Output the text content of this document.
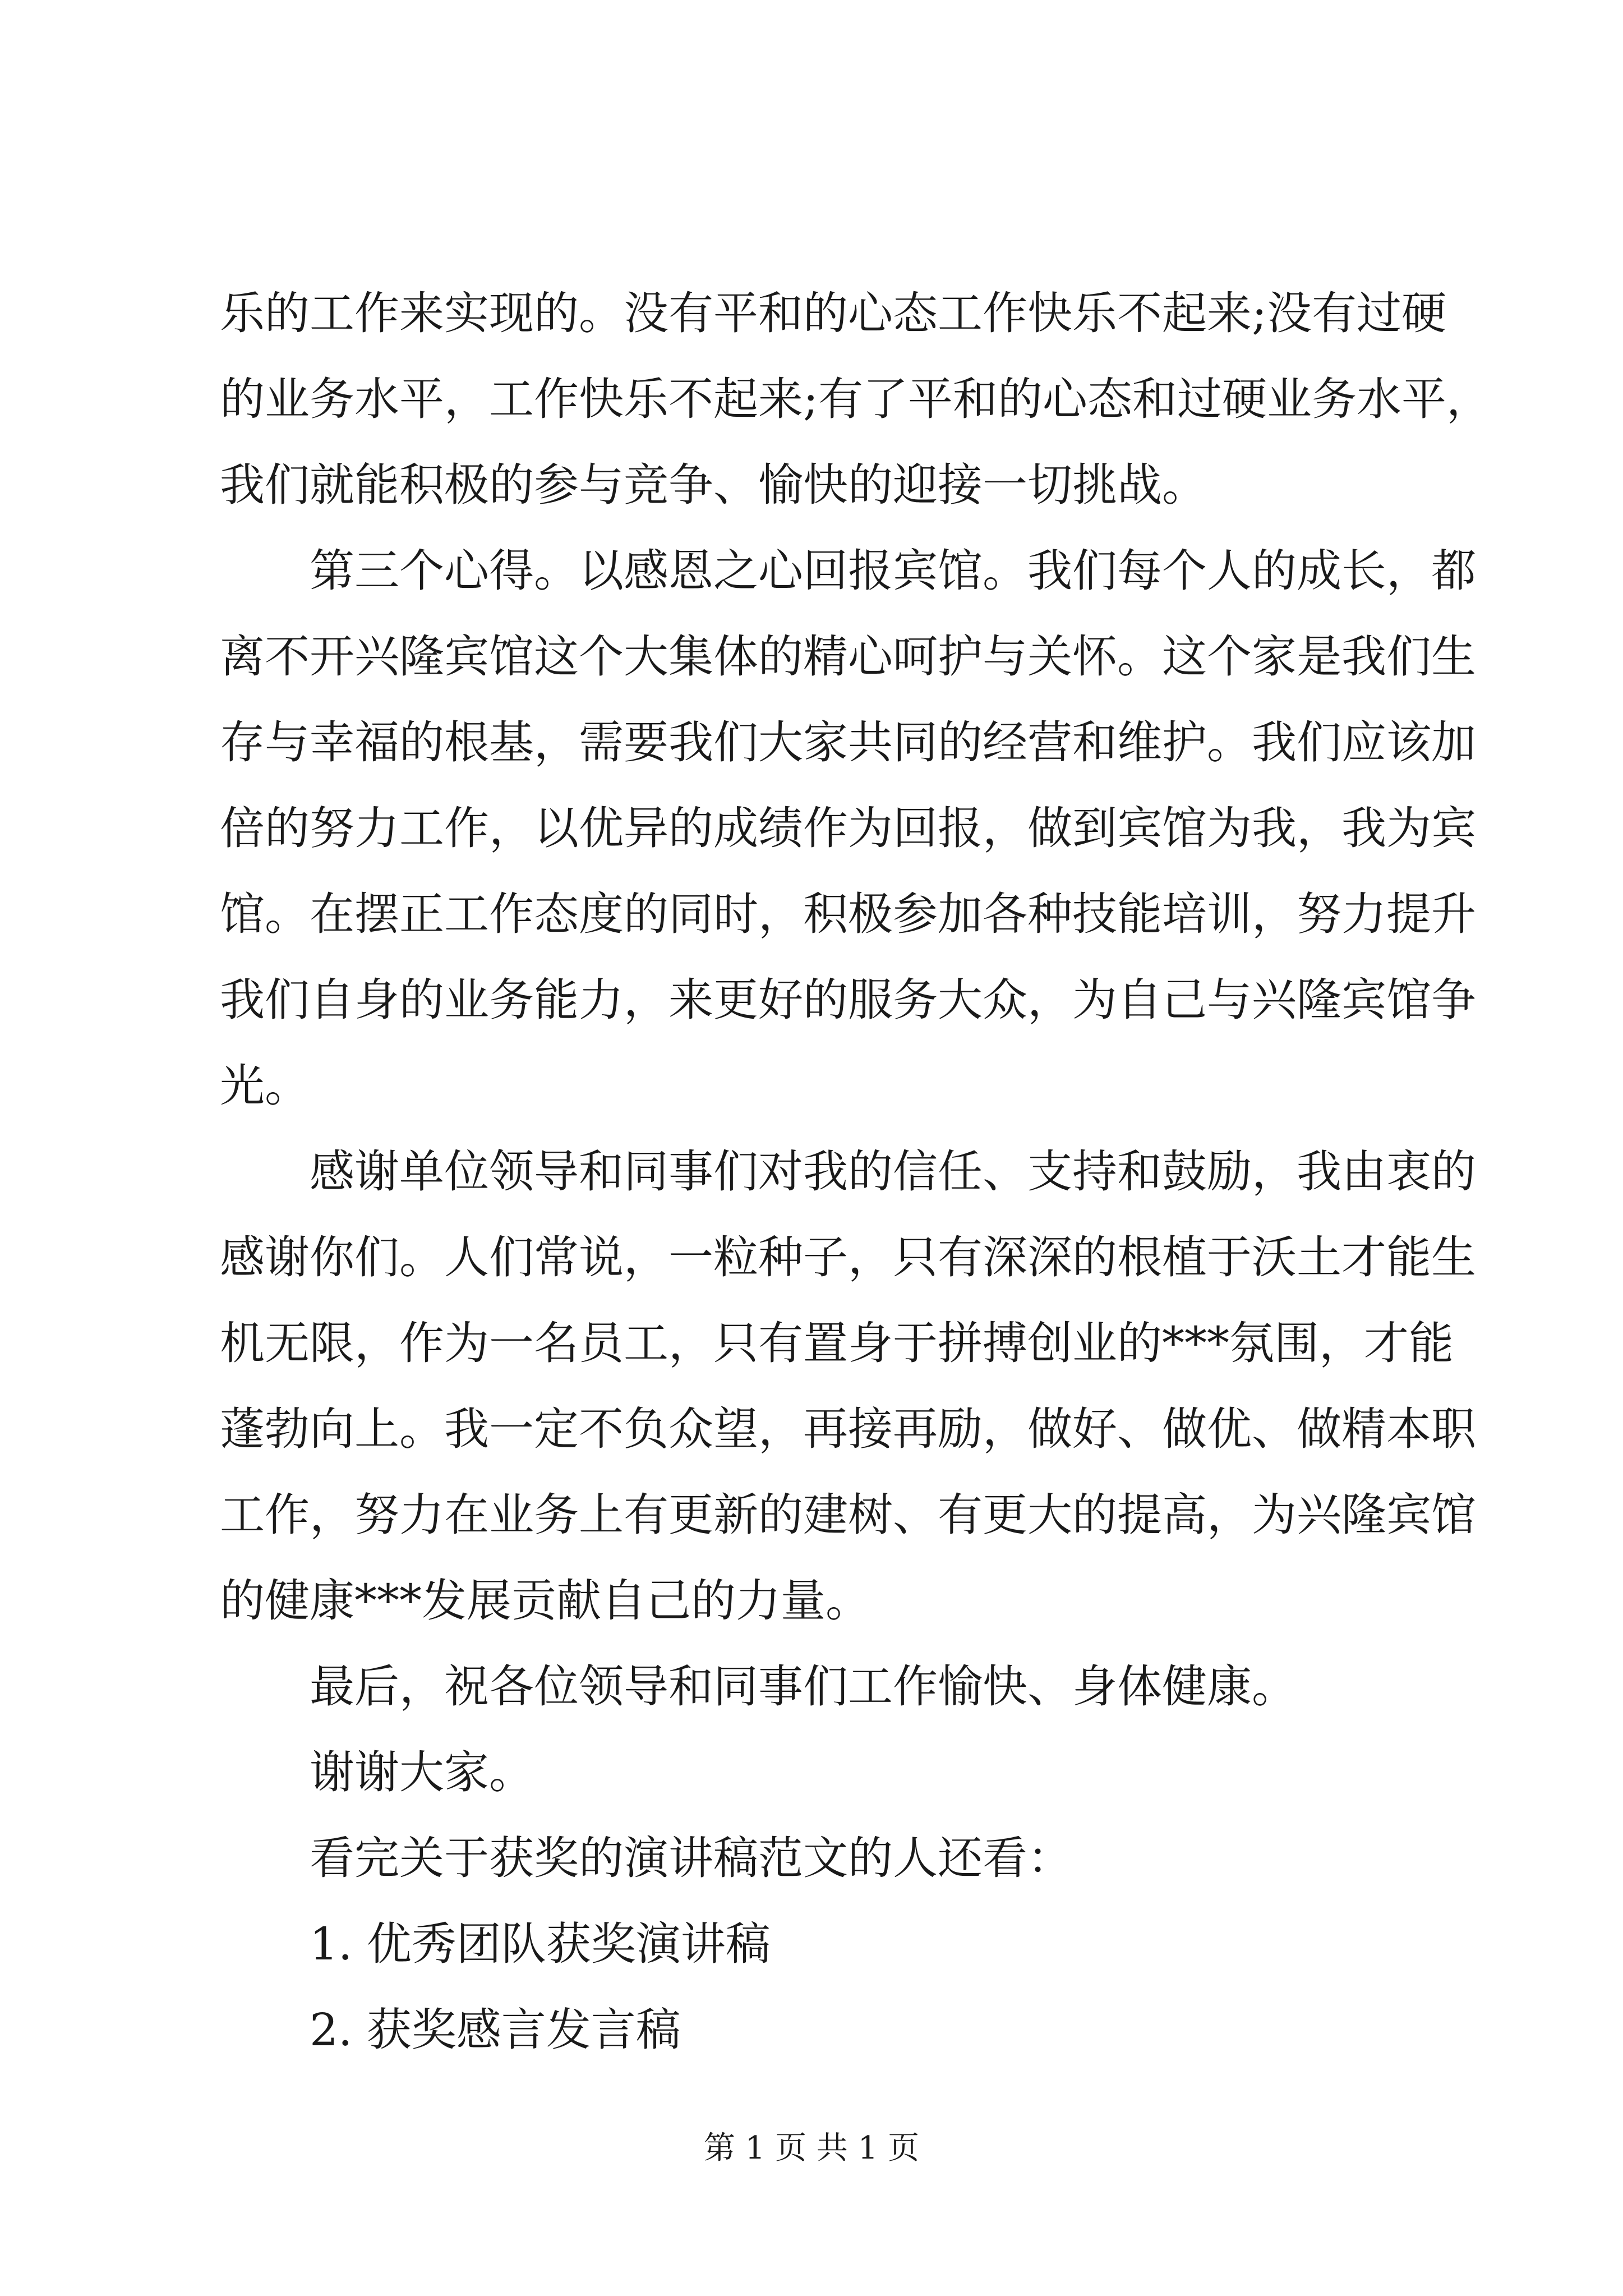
乐的工作来实现的。没有平和的心态工作快乐不起来;没有过硬
的业务水平，工作快乐不起来;有了平和的心态和过硬业务水平，
我们就能积极的参与竞争、愉快的迎接一切挑战。
第三个心得。以感恩之心回报宾馆。我们每个人的成长，都
离不开兴隆宾馆这个大集体的精心呵护与关怀。这个家是我们生
存与幸福的根基，需要我们大家共同的经营和维护。我们应该加
倍的努力工作，以优异的成绩作为回报，做到宾馆为我，我为宾
馆。在摆正工作态度的同时，积极参加各种技能培训，努力提升
我们自身的业务能力，来更好的服务大众，为自己与兴隆宾馆争
光。
感谢单位领导和同事们对我的信任、支持和鼓励，我由衷的
感谢你们。人们常说，一粒种子，只有深深的根植于沃土才能生
机无限，作为一名员工，只有置身于拼搏创业的***氛围，才能
蓬勃向上。我一定不负众望，再接再励，做好、做优、做精本职
工作，努力在业务上有更新的建树、有更大的提高，为兴隆宾馆
的健康***发展贡献自己的力量。
最后，祝各位领导和同事们工作愉快、身体健康。
谢谢大家。
看完关于获奖的演讲稿范文的人还看：
1. 优秀团队获奖演讲稿
2. 获奖感言发言稿
第 1 页 共 1 页
